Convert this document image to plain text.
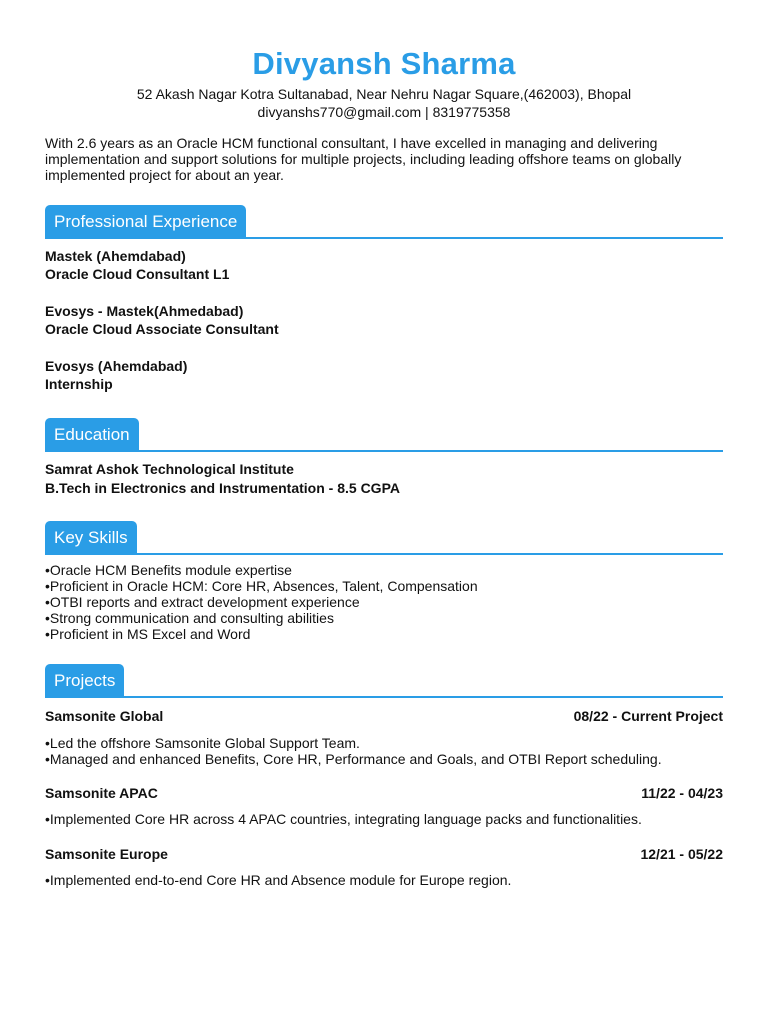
Divyansh Sharma
52 Akash Nagar Kotra Sultanabad, Near Nehru Nagar Square,(462003), Bhopal
divyanshs770@gmail.com | 8319775358
With 2.6 years as an Oracle HCM functional consultant, I have excelled in managing and delivering implementation and support solutions for multiple projects, including leading offshore teams on globally implemented project for about an year.
Professional Experience
Mastek (Ahemdabad)
Oracle Cloud Consultant L1
Evosys - Mastek(Ahmedabad)
Oracle Cloud Associate Consultant
Evosys (Ahemdabad)
Internship
Education
Samrat Ashok Technological Institute
B.Tech in Electronics and Instrumentation - 8.5 CGPA
Key Skills
• Oracle HCM Benefits module expertise
• Proficient in Oracle HCM: Core HR, Absences, Talent, Compensation
• OTBI reports and extract development experience
• Strong communication and consulting abilities
• Proficient in MS Excel and Word
Projects
Samsonite Global	08/22 - Current Project
• Led the offshore Samsonite Global Support Team.
• Managed and enhanced Benefits, Core HR, Performance and Goals, and OTBI Report scheduling.
Samsonite APAC	11/22 - 04/23
• Implemented Core HR across 4 APAC countries, integrating language packs and functionalities.
Samsonite Europe	12/21 - 05/22
• Implemented end-to-end Core HR and Absence module for Europe region.
